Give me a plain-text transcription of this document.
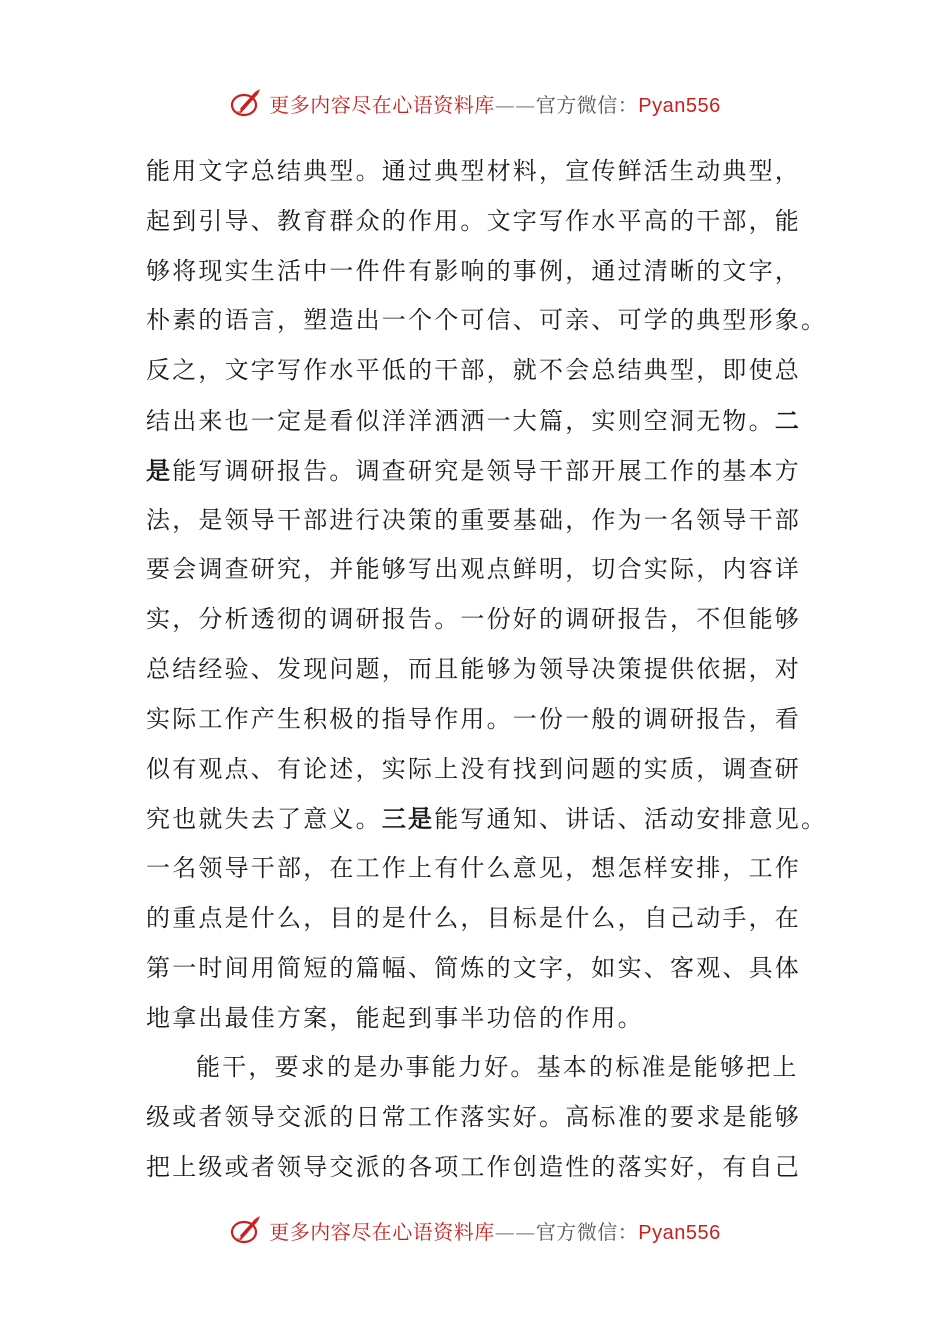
更多内容尽在心语资料库——官方微信：Pyan556
能用文字总结典型。通过典型材料，宣传鲜活生动典型，
起到引导、教育群众的作用。文字写作水平高的干部，能
够将现实生活中一件件有影响的事例，通过清晰的文字，
朴素的语言，塑造出一个个可信、可亲、可学的典型形象。
反之，文字写作水平低的干部，就不会总结典型，即使总
结出来也一定是看似洋洋洒洒一大篇，实则空洞无物。二
是能写调研报告。调查研究是领导干部开展工作的基本方
法，是领导干部进行决策的重要基础，作为一名领导干部
要会调查研究，并能够写出观点鲜明，切合实际，内容详
实，分析透彻的调研报告。一份好的调研报告，不但能够
总结经验、发现问题，而且能够为领导决策提供依据，对
实际工作产生积极的指导作用。一份一般的调研报告，看
似有观点、有论述，实际上没有找到问题的实质，调查研
究也就失去了意义。三是能写通知、讲话、活动安排意见。
一名领导干部，在工作上有什么意见，想怎样安排，工作
的重点是什么，目的是什么，目标是什么，自己动手，在
第一时间用简短的篇幅、简炼的文字，如实、客观、具体
地拿出最佳方案，能起到事半功倍的作用。
能干，要求的是办事能力好。基本的标准是能够把上
级或者领导交派的日常工作落实好。高标准的要求是能够
把上级或者领导交派的各项工作创造性的落实好，有自己
更多内容尽在心语资料库——官方微信：Pyan556
